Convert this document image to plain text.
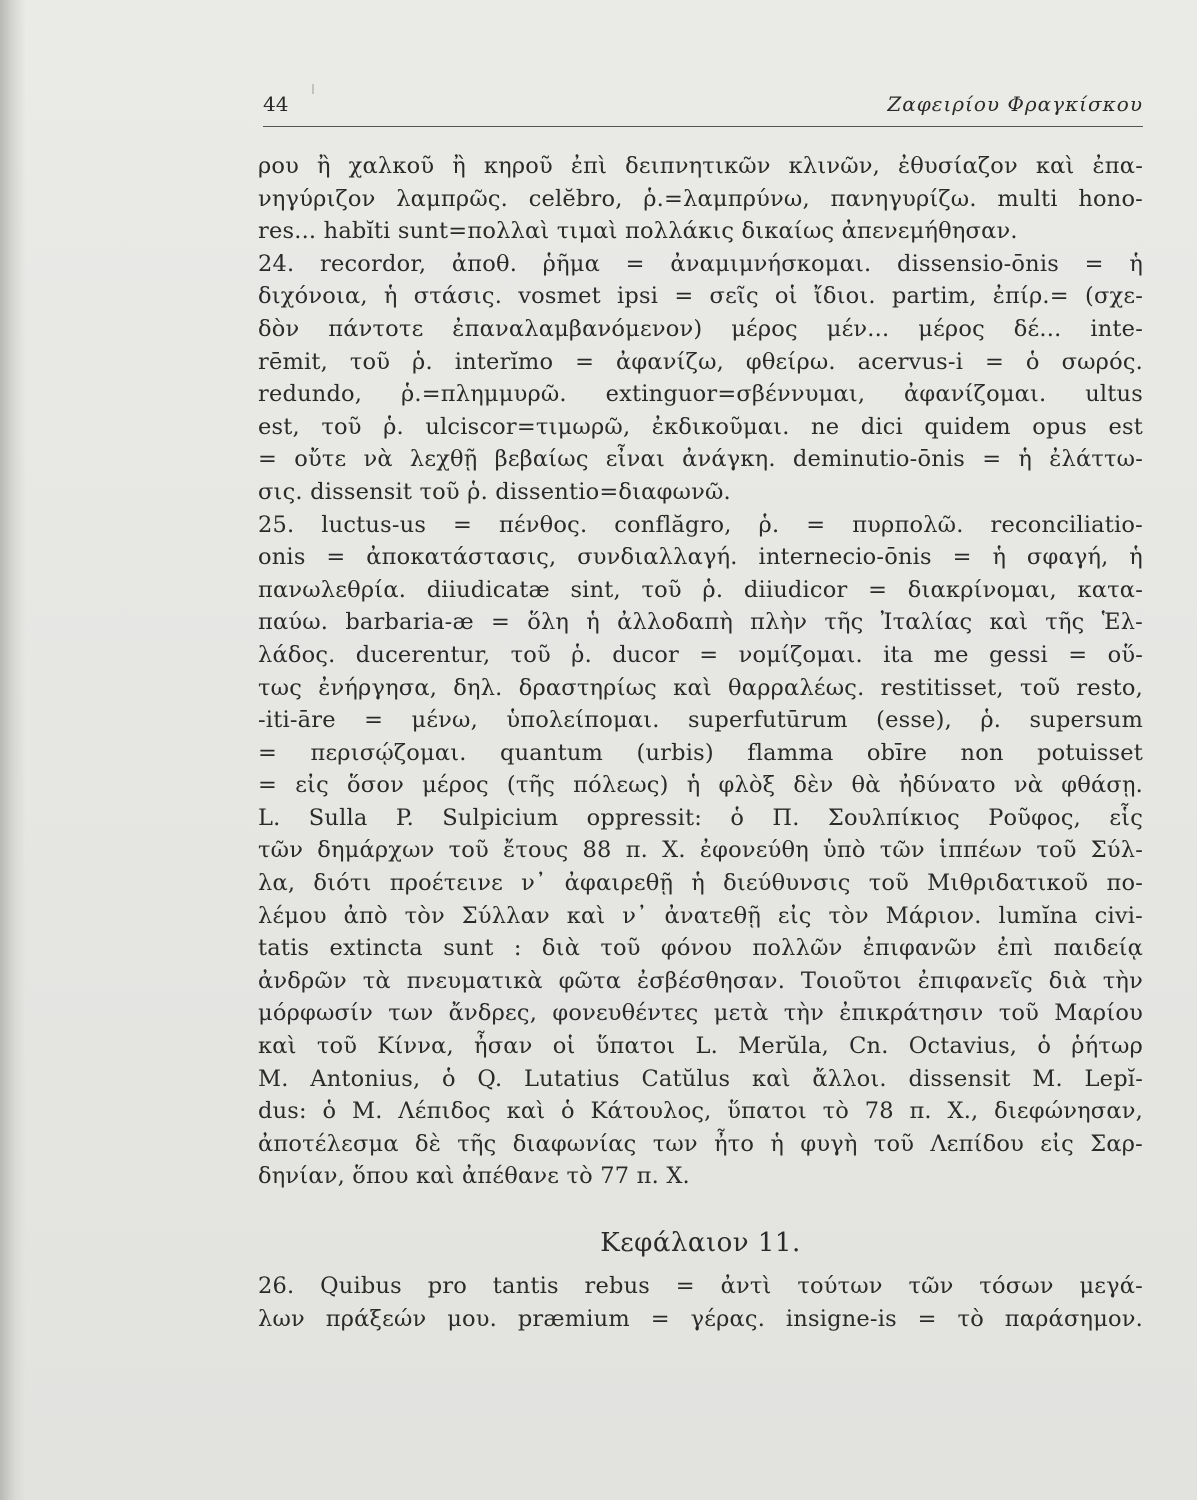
44	Ζαφειρίου Φραγκίσκου
ρου ἢ χαλκοῦ ἢ κηροῦ ἐπὶ δειπνητικῶν κλινῶν, ἐθυσίαζον καὶ ἐπα-
νηγύριζον λαμπρῶς. celĕbro, ῥ.=λαμπρύνω, πανηγυρίζω. multi hono-
res... habĭti sunt=πολλαὶ τιμαὶ πολλάκις δικαίως ἀπενεμήθησαν.
24. recordor, ἀποθ. ῥῆμα = ἀναμιμνήσκομαι. dissensio-ōnis = ἡ
διχόνοια, ἡ στάσις. vosmet ipsi = σεῖς οἱ ἴδιοι. partim, ἐπίρ.= (σχε-
δὸν πάντοτε ἐπαναλαμβανόμενον) μέρος μέν... μέρος δέ... inte-
rēmit, τοῦ ῥ. interĭmo = ἀφανίζω, φθείρω. acervus-i = ὁ σωρός.
redundo, ῥ.=πλημμυρῶ. extinguor=σβέννυμαι, ἀφανίζομαι. ultus
est, τοῦ ῥ. ulciscor=τιμωρῶ, ἐκδικοῦμαι. ne dici quidem opus est
= οὔτε νὰ λεχθῇ βεβαίως εἶναι ἀνάγκη. deminutio-ōnis = ἡ ἐλάττω-
σις. dissensit τοῦ ῥ. dissentio=διαφωνῶ.
25. luctus-us = πένθος. conflăgro, ῥ. = πυρπολῶ. reconciliatio-
onis = ἀποκατάστασις, συνδιαλλαγή. internecio-ōnis = ἡ σφαγή, ἡ
πανωλεθρία. diiudicatæ sint, τοῦ ῥ. diiudicor = διακρίνομαι, κατα-
παύω. barbaria-æ = ὅλη ἡ ἀλλοδαπὴ πλὴν τῆς Ἰταλίας καὶ τῆς Ἑλ-
λάδος. ducerentur, τοῦ ῥ. ducor = νομίζομαι. ita me gessi = οὕ-
τως ἐνήργησα, δηλ. δραστηρίως καὶ θαρραλέως. restitisset, τοῦ resto,
-iti-āre = μένω, ὑπολείπομαι. superfutūrum (esse), ῥ. supersum
= περισῴζομαι. quantum (urbis) flamma obīre non potuisset
= εἰς ὅσον μέρος (τῆς πόλεως) ἡ φλὸξ δὲν θὰ ἠδύνατο νὰ φθάσῃ.
L. Sulla P. Sulpicium oppressit: ὁ Π. Σουλπίκιος Ροῦφος, εἷς
τῶν δημάρχων τοῦ ἔτους 88 π. Χ. ἐφονεύθη ὑπὸ τῶν ἱππέων τοῦ Σύλ-
λα, διότι προέτεινε ν᾽ ἀφαιρεθῇ ἡ διεύθυνσις τοῦ Μιθριδατικοῦ πο-
λέμου ἀπὸ τὸν Σύλλαν καὶ ν᾽ ἀνατεθῇ εἰς τὸν Μάριον. lumĭna civi-
tatis extincta sunt : διὰ τοῦ φόνου πολλῶν ἐπιφανῶν ἐπὶ παιδείᾳ
ἀνδρῶν τὰ πνευματικὰ φῶτα ἐσβέσθησαν. Τοιοῦτοι ἐπιφανεῖς διὰ τὴν
μόρφωσίν των ἄνδρες, φονευθέντες μετὰ τὴν ἐπικράτησιν τοῦ Μαρίου
καὶ τοῦ Κίννα, ἦσαν οἱ ὕπατοι L. Merŭla, Cn. Octavius, ὁ ῥήτωρ
M. Antonius, ὁ Q. Lutatius Catŭlus καὶ ἄλλοι. dissensit M. Lepĭ-
dus: ὁ Μ. Λέπιδος καὶ ὁ Κάτουλος, ὕπατοι τὸ 78 π. Χ., διεφώνησαν,
ἀποτέλεσμα δὲ τῆς διαφωνίας των ἦτο ἡ φυγὴ τοῦ Λεπίδου εἰς Σαρ-
δηνίαν, ὅπου καὶ ἀπέθανε τὸ 77 π. Χ.
Κεφάλαιον 11.
26. Quibus pro tantis rebus = ἀντὶ τούτων τῶν τόσων μεγά-
λων πράξεών μου. præmium = γέρας. insigne-is = τὸ παράσημον.
